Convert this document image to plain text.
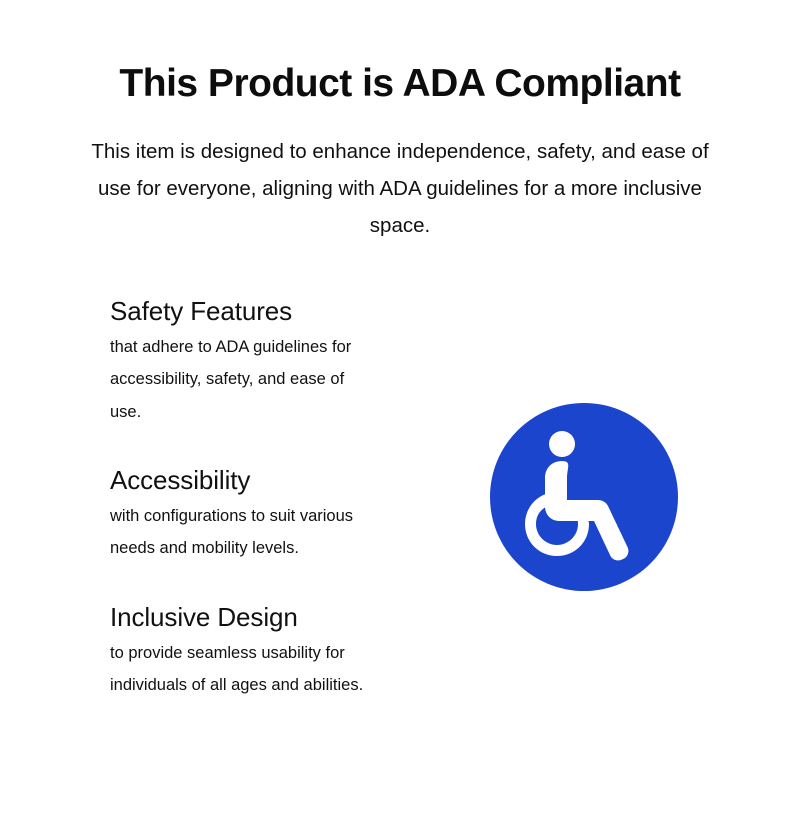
This Product is ADA Compliant

This item is designed to enhance independence, safety, and ease of use for everyone, aligning with ADA guidelines for a more inclusive space.

Safety Features
that adhere to ADA guidelines for accessibility, safety, and ease of use.
Accessibility
with configurations to suit various needs and mobility levels.
Inclusive Design
to provide seamless usability for individuals of all ages and abilities.
